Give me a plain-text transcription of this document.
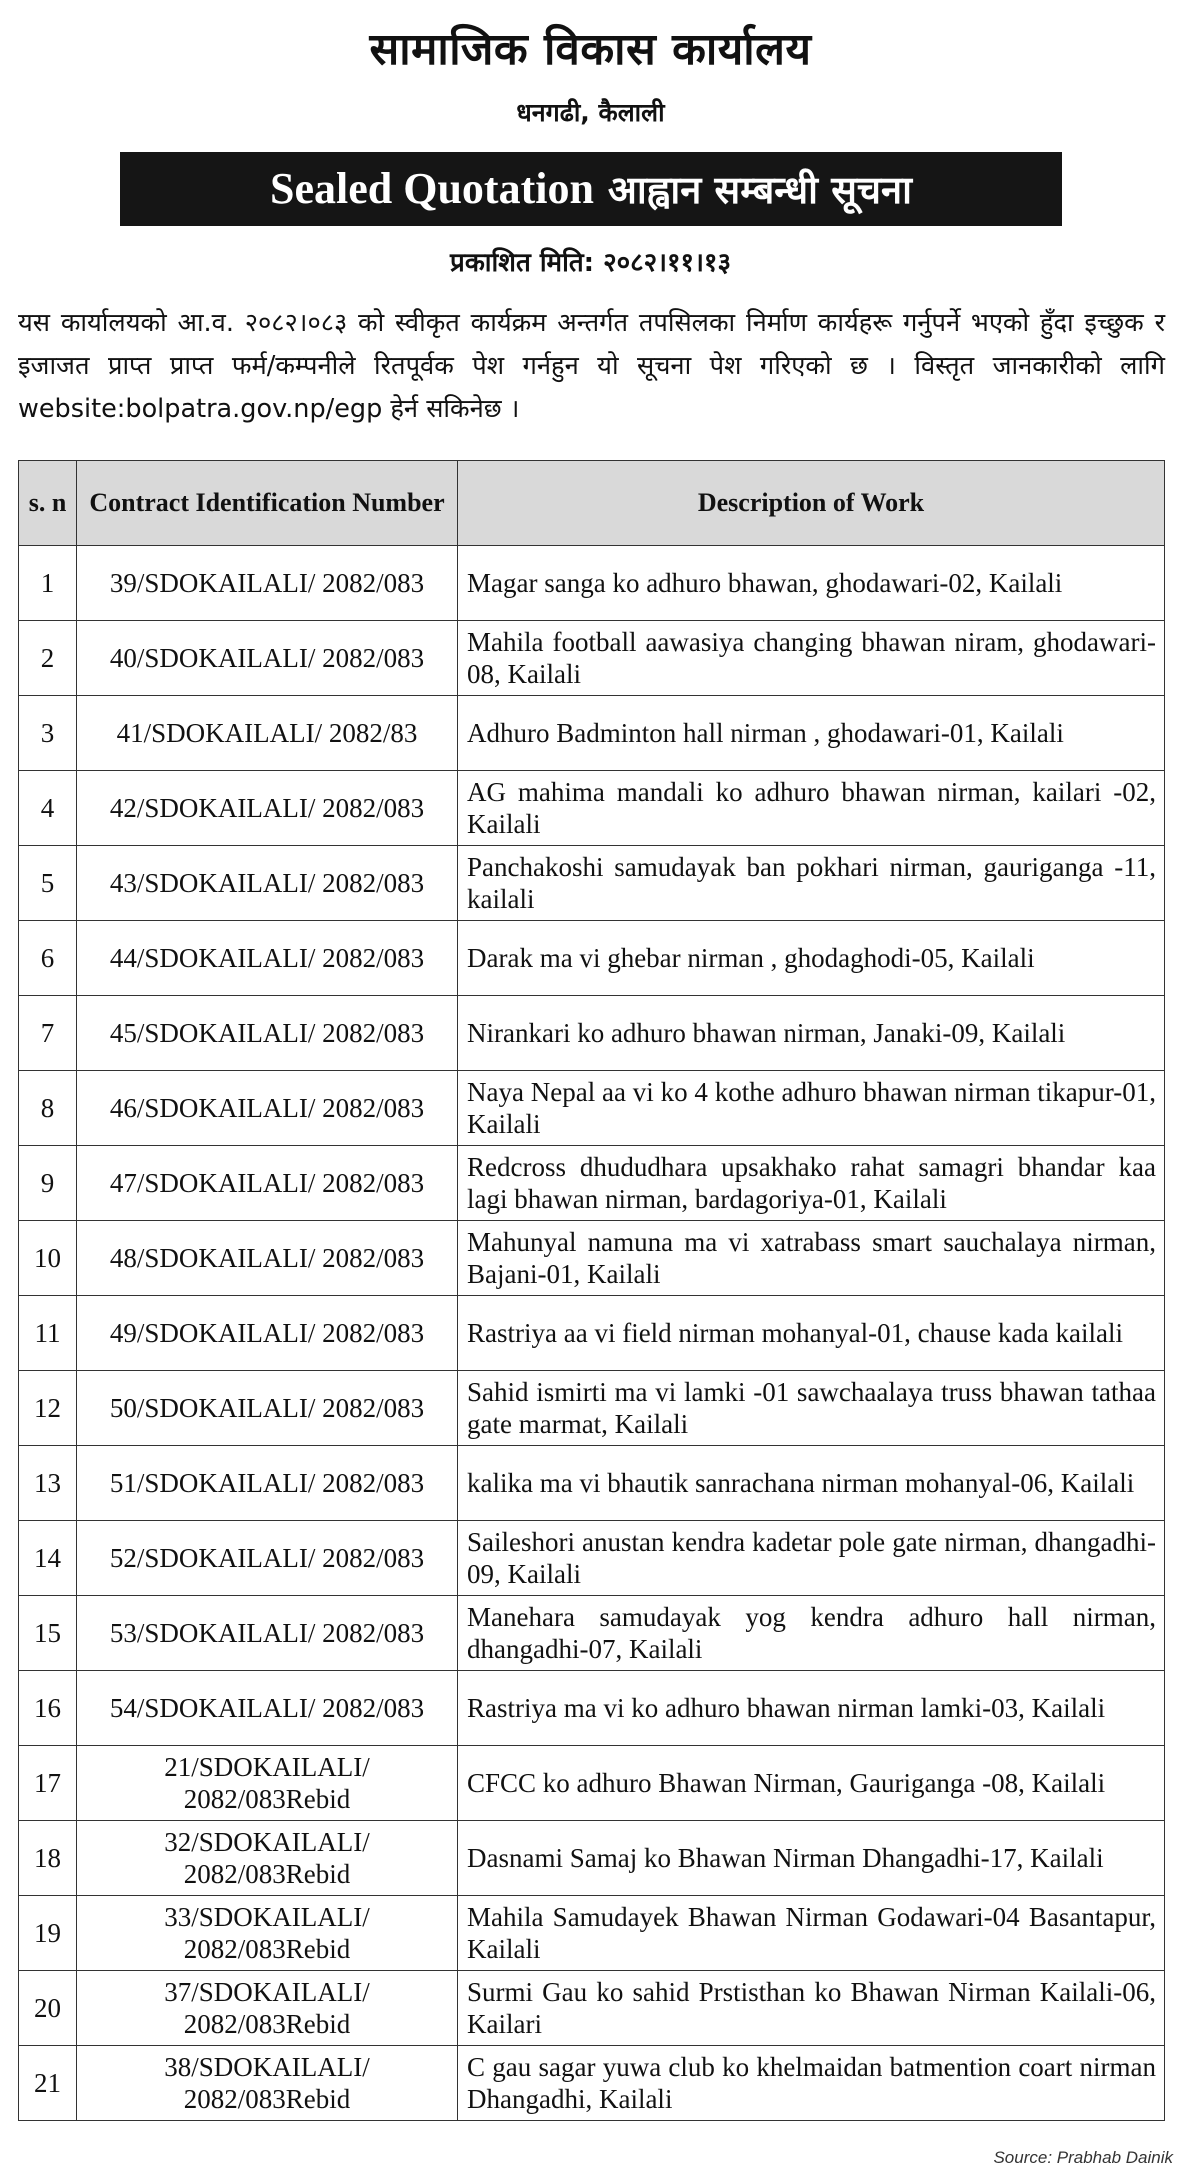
सामाजिक विकास कार्यालय
धनगढी, कैलाली
Sealed Quotation आह्वान सम्बन्धी सूचना
प्रकाशित मिति: २०८२।११।१३
यस कार्यालयको आ.व. २०८२।०८३ को स्वीकृत कार्यक्रम अन्तर्गत तपसिलका निर्माण कार्यहरू गर्नुपर्ने भएको हुँदा इच्छुक र इजाजत प्राप्त प्राप्त फर्म/कम्पनीले रितपूर्वक पेश गर्नहुन यो सूचना पेश गरिएको छ । विस्तृत जानकारीको लागि website:bolpatra.gov.np/egp हेर्न सकिनेछ ।
s. n	Contract Identification Number	Description of Work
1	39/SDOKAILALI/ 2082/083	Magar sanga ko adhuro bhawan, ghodawari-02, Kailali
2	40/SDOKAILALI/ 2082/083	Mahila football aawasiya changing bhawan niram, ghodawari-08, Kailali
3	41/SDOKAILALI/ 2082/83	Adhuro Badminton hall nirman , ghodawari-01, Kailali
4	42/SDOKAILALI/ 2082/083	AG mahima mandali ko adhuro bhawan nirman, kailari -02, Kailali
5	43/SDOKAILALI/ 2082/083	Panchakoshi samudayak ban pokhari nirman, gauriganga -11, kailali
6	44/SDOKAILALI/ 2082/083	Darak ma vi ghebar nirman , ghodaghodi-05, Kailali
7	45/SDOKAILALI/ 2082/083	Nirankari ko adhuro bhawan nirman, Janaki-09, Kailali
8	46/SDOKAILALI/ 2082/083	Naya Nepal aa vi ko 4 kothe adhuro bhawan nirman tikapur-01, Kailali
9	47/SDOKAILALI/ 2082/083	Redcross dhududhara upsakhako rahat samagri bhandar kaa lagi bhawan nirman, bardagoriya-01, Kailali
10	48/SDOKAILALI/ 2082/083	Mahunyal namuna ma vi xatrabass smart sauchalaya nirman, Bajani-01, Kailali
11	49/SDOKAILALI/ 2082/083	Rastriya aa vi field nirman mohanyal-01, chause kada kailali
12	50/SDOKAILALI/ 2082/083	Sahid ismirti ma vi lamki -01 sawchaalaya truss bhawan tathaa gate marmat, Kailali
13	51/SDOKAILALI/ 2082/083	kalika ma vi bhautik sanrachana nirman mohanyal-06, Kailali
14	52/SDOKAILALI/ 2082/083	Saileshori anustan kendra kadetar pole gate nirman, dhangadhi-09, Kailali
15	53/SDOKAILALI/ 2082/083	Manehara samudayak yog kendra adhuro hall nirman, dhangadhi-07, Kailali
16	54/SDOKAILALI/ 2082/083	Rastriya ma vi ko adhuro bhawan nirman lamki-03, Kailali
17	21/SDOKAILALI/ 2082/083Rebid	CFCC ko adhuro Bhawan Nirman, Gauriganga -08, Kailali
18	32/SDOKAILALI/ 2082/083Rebid	Dasnami Samaj ko Bhawan Nirman Dhangadhi-17, Kailali
19	33/SDOKAILALI/ 2082/083Rebid	Mahila Samudayek Bhawan Nirman Godawari-04 Basantapur, Kailali
20	37/SDOKAILALI/ 2082/083Rebid	Surmi Gau ko sahid Prstisthan ko Bhawan Nirman Kailali-06, Kailari
21	38/SDOKAILALI/ 2082/083Rebid	C gau sagar yuwa club ko khelmaidan batmention coart nirman Dhangadhi, Kailali
Source: Prabhab Dainik
